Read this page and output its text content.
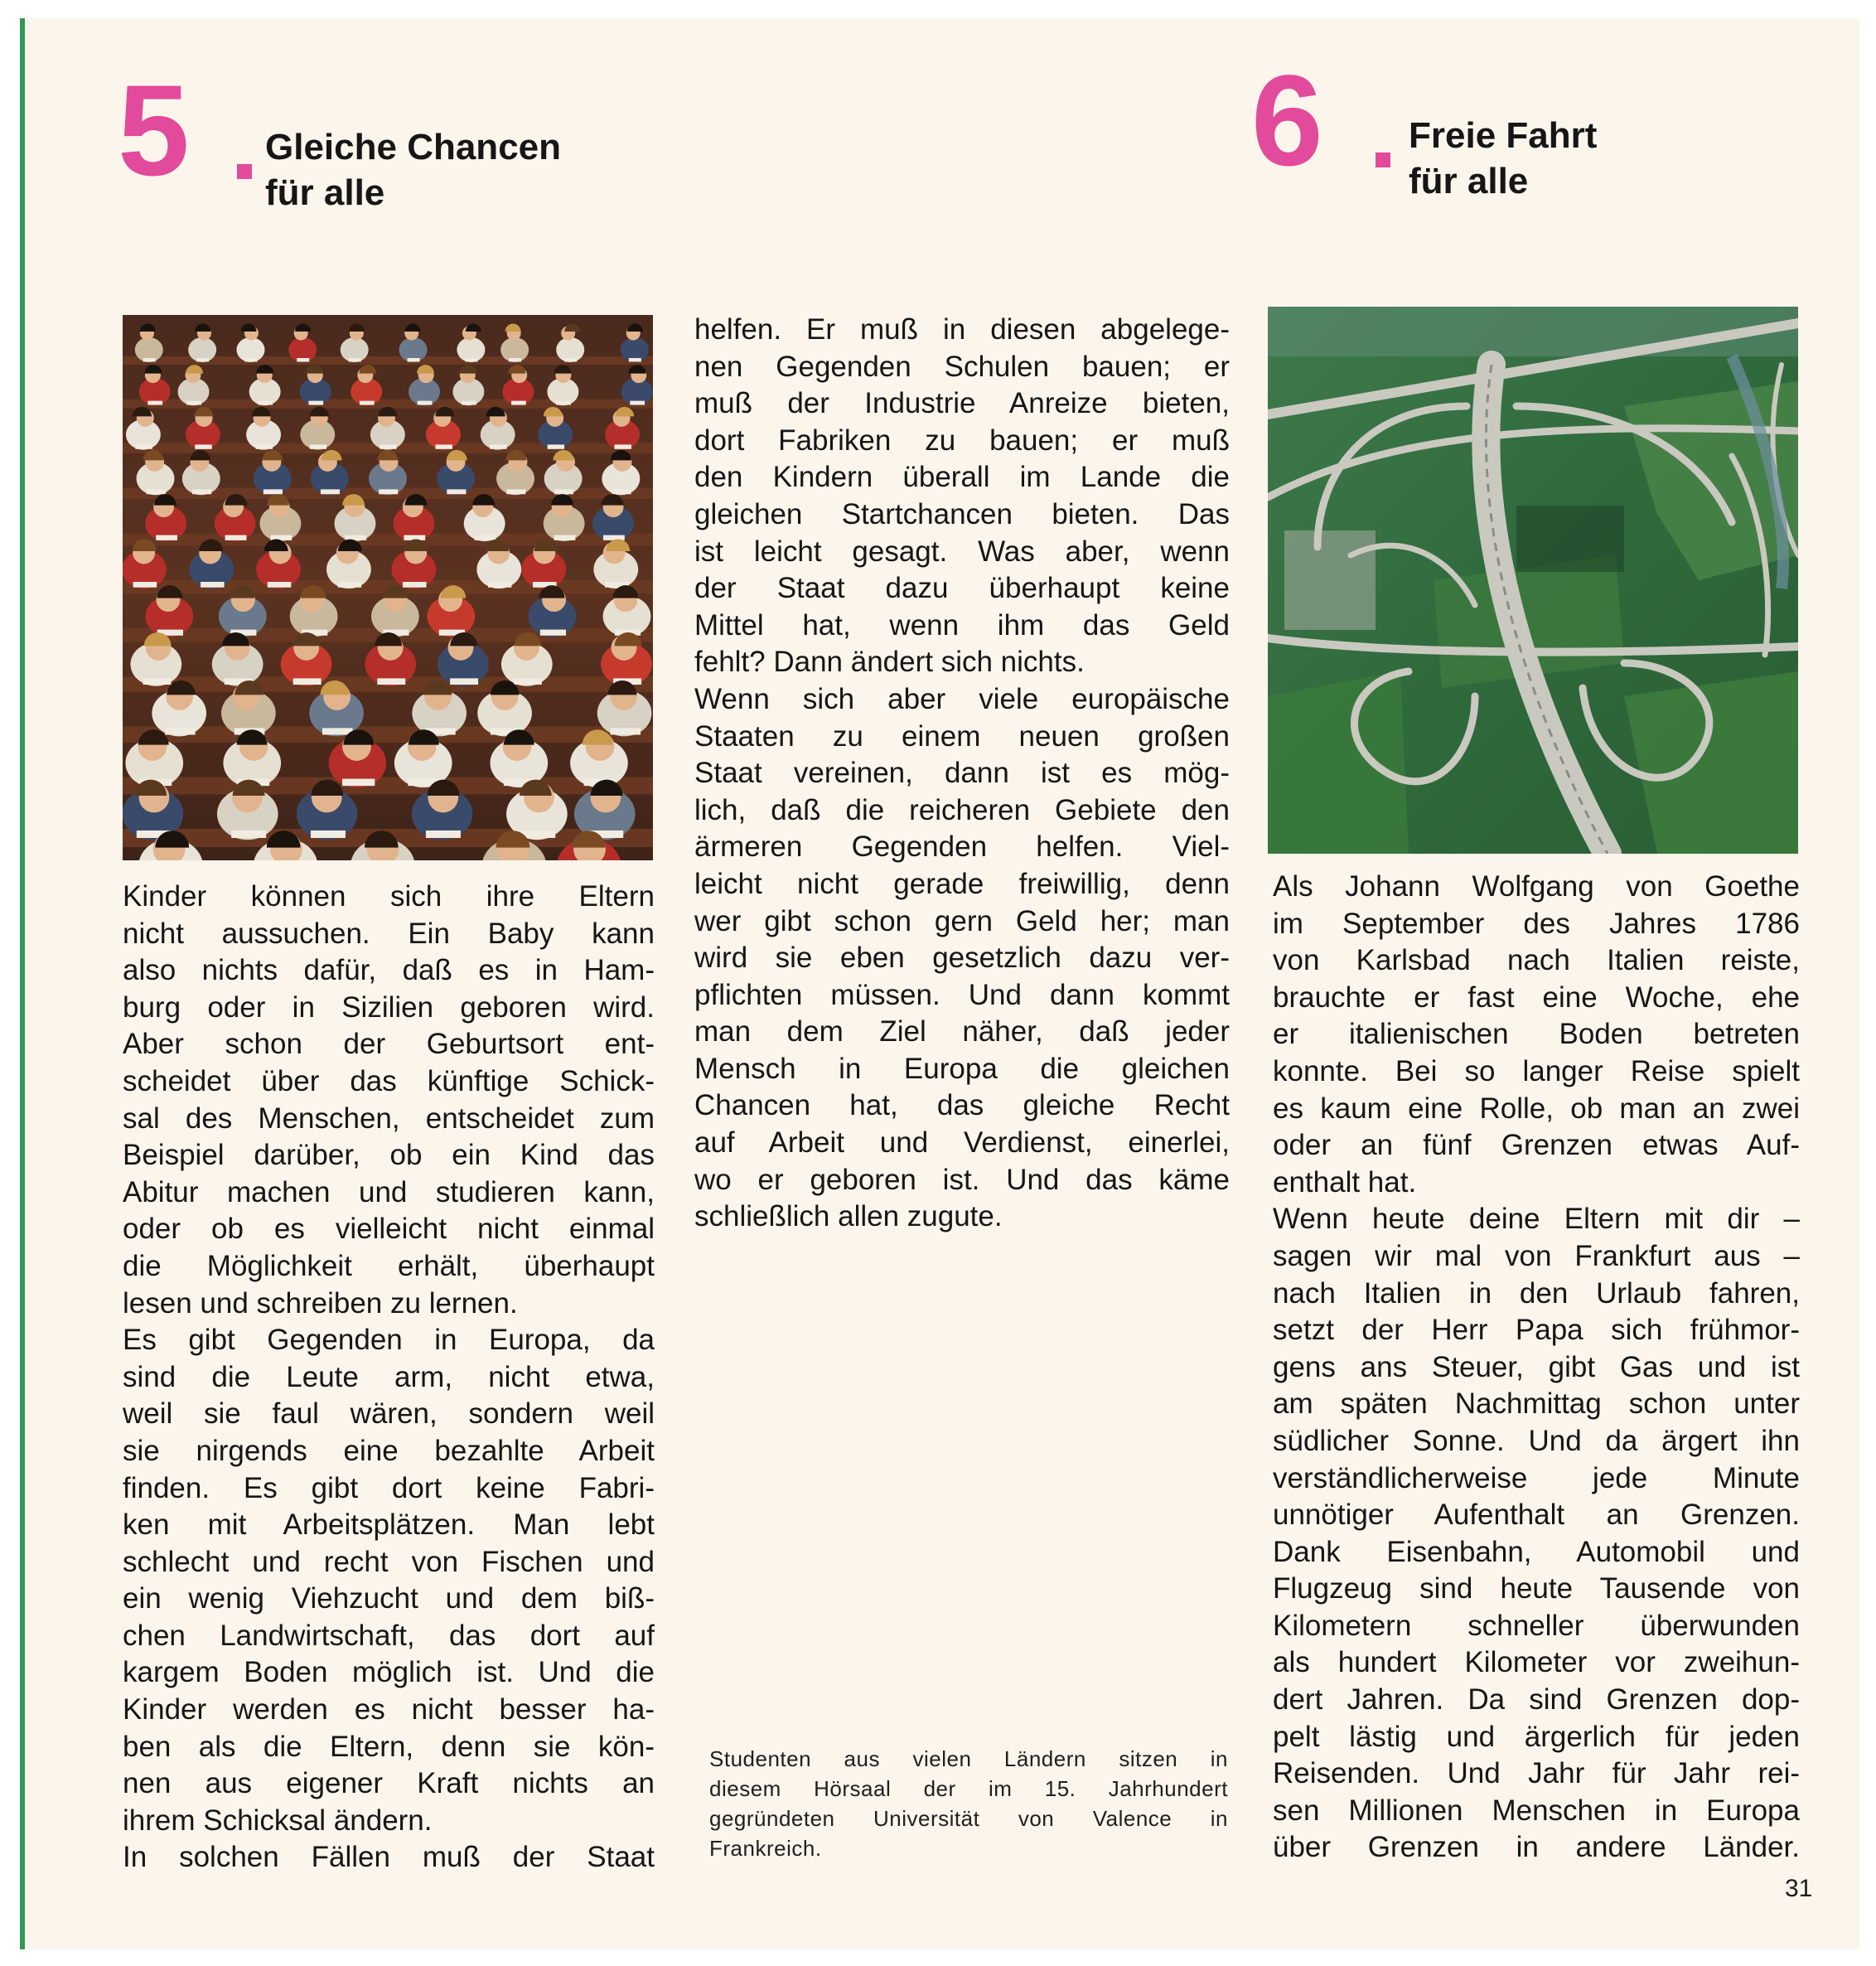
5 Gleiche Chancen
für alle	6 Freie Fahrt
für alle
Kinder können sich ihre Eltern
nicht aussuchen. Ein Baby kann
also nichts dafür, daß es in Ham-
burg oder in Sizilien geboren wird.
Aber schon der Geburtsort ent-
scheidet über das künftige Schick-
sal des Menschen, entscheidet zum
Beispiel darüber, ob ein Kind das
Abitur machen und studieren kann,
oder ob es vielleicht nicht einmal
die Möglichkeit erhält, überhaupt
lesen und schreiben zu lernen.
Es gibt Gegenden in Europa, da
sind die Leute arm, nicht etwa,
weil sie faul wären, sondern weil
sie nirgends eine bezahlte Arbeit
finden. Es gibt dort keine Fabri-
ken mit Arbeitsplätzen. Man lebt
schlecht und recht von Fischen und
ein wenig Viehzucht und dem biß-
chen Landwirtschaft, das dort auf
kargem Boden möglich ist. Und die
Kinder werden es nicht besser ha-
ben als die Eltern, denn sie kön-
nen aus eigener Kraft nichts an
ihrem Schicksal ändern.
In solchen Fällen muß der Staat
helfen. Er muß in diesen abgelege-
nen Gegenden Schulen bauen; er
muß der Industrie Anreize bieten,
dort Fabriken zu bauen; er muß
den Kindern überall im Lande die
gleichen Startchancen bieten. Das
ist leicht gesagt. Was aber, wenn
der Staat dazu überhaupt keine
Mittel hat, wenn ihm das Geld
fehlt? Dann ändert sich nichts.
Wenn sich aber viele europäische
Staaten zu einem neuen großen
Staat vereinen, dann ist es mög-
lich, daß die reicheren Gebiete den
ärmeren Gegenden helfen. Viel-
leicht nicht gerade freiwillig, denn
wer gibt schon gern Geld her; man
wird sie eben gesetzlich dazu ver-
pflichten müssen. Und dann kommt
man dem Ziel näher, daß jeder
Mensch in Europa die gleichen
Chancen hat, das gleiche Recht
auf Arbeit und Verdienst, einerlei,
wo er geboren ist. Und das käme
schließlich allen zugute.
Studenten aus vielen Ländern sitzen in
diesem Hörsaal der im 15. Jahrhundert
gegründeten Universität von Valence in
Frankreich.
Als Johann Wolfgang von Goethe
im September des Jahres 1786
von Karlsbad nach Italien reiste,
brauchte er fast eine Woche, ehe
er italienischen Boden betreten
konnte. Bei so langer Reise spielt
es kaum eine Rolle, ob man an zwei
oder an fünf Grenzen etwas Auf-
enthalt hat.
Wenn heute deine Eltern mit dir –
sagen wir mal von Frankfurt aus –
nach Italien in den Urlaub fahren,
setzt der Herr Papa sich frühmor-
gens ans Steuer, gibt Gas und ist
am späten Nachmittag schon unter
südlicher Sonne. Und da ärgert ihn
verständlicherweise jede Minute
unnötiger Aufenthalt an Grenzen.
Dank Eisenbahn, Automobil und
Flugzeug sind heute Tausende von
Kilometern schneller überwunden
als hundert Kilometer vor zweihun-
dert Jahren. Da sind Grenzen dop-
pelt lästig und ärgerlich für jeden
Reisenden. Und Jahr für Jahr rei-
sen Millionen Menschen in Europa
über Grenzen in andere Länder.
31
